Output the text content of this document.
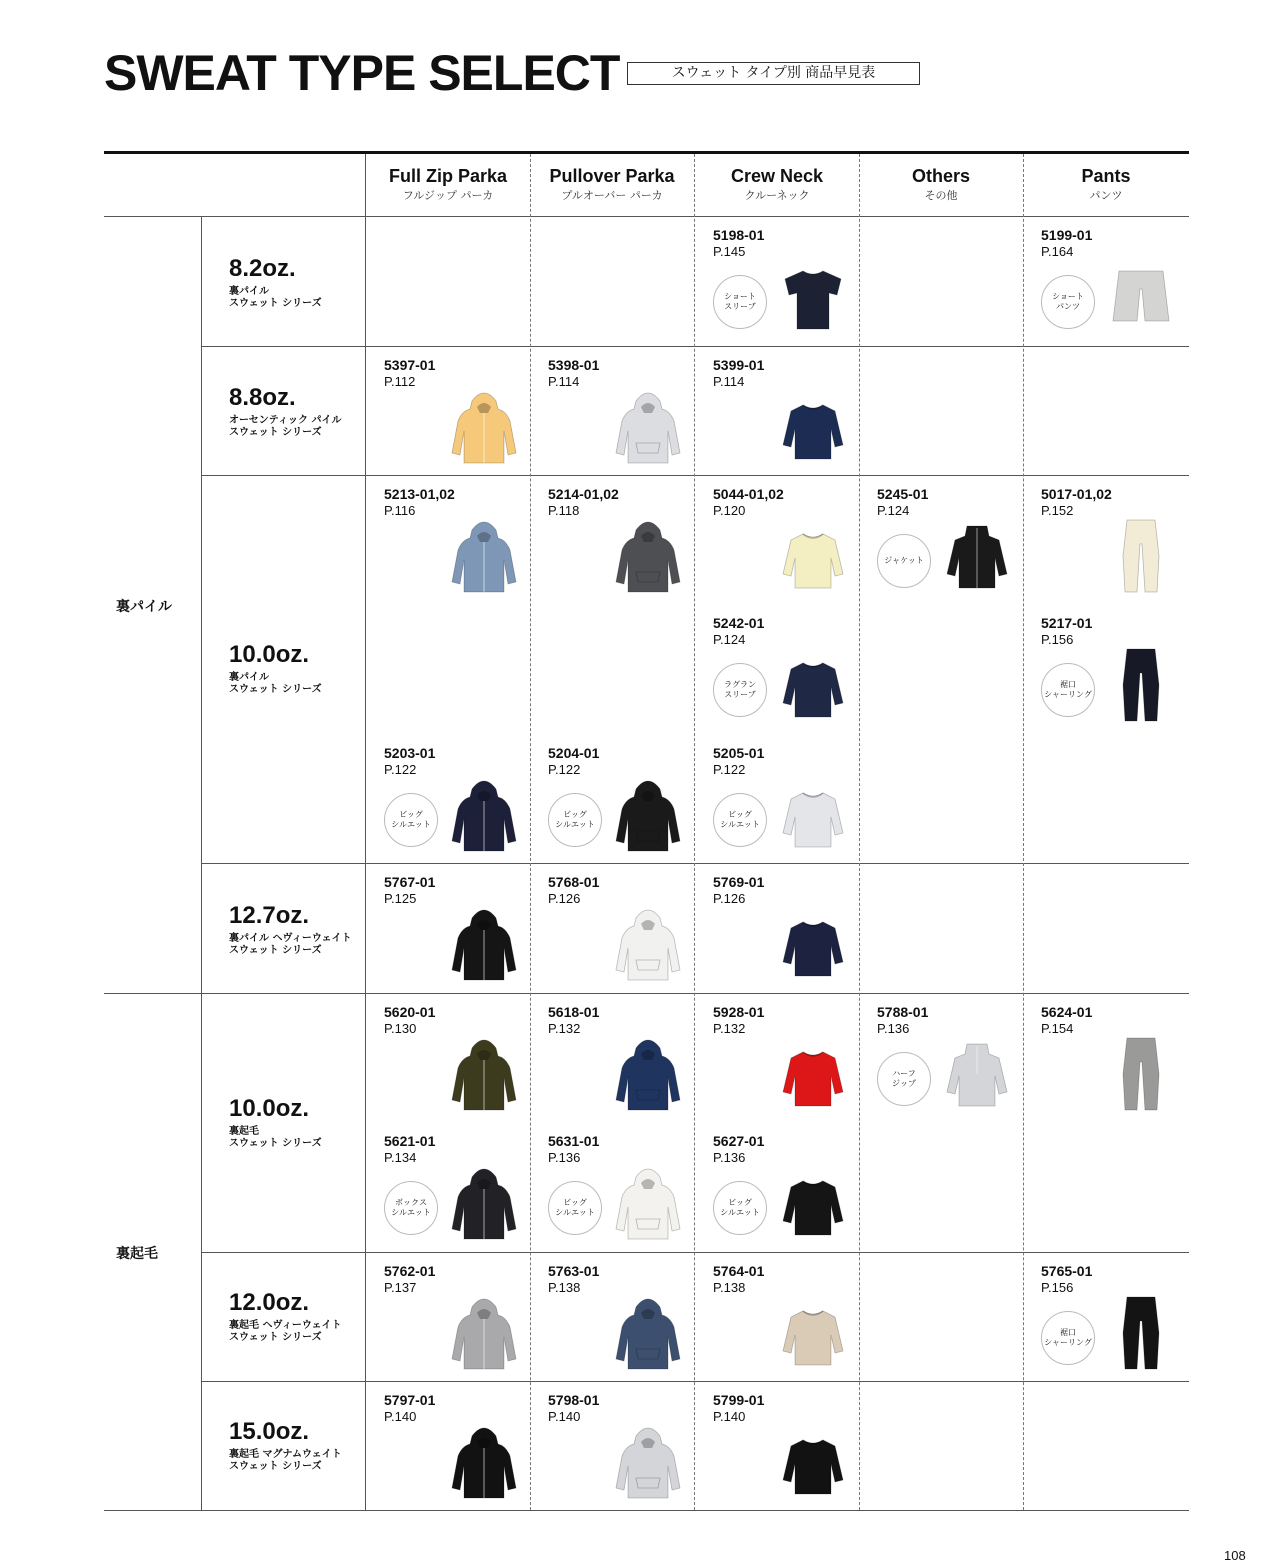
SWEAT TYPE SELECT	スウェット タイプ別 商品早見表
Full Zip Parka
フルジップ パーカ
Pullover Parka
プルオーバー パーカ
Crew Neck
クルーネック
Others
その他
Pants
パンツ
裏パイル
裏起毛
8.2oz.
裏パイル
スウェット シリーズ
8.8oz.
オーセンティック パイル
スウェット シリーズ
10.0oz.
裏パイル
スウェット シリーズ
12.7oz.
裏パイル ヘヴィーウェイト
スウェット シリーズ
10.0oz.
裏起毛
スウェット シリーズ
12.0oz.
裏起毛 ヘヴィーウェイト
スウェット シリーズ
15.0oz.
裏起毛 マグナムウェイト
スウェット シリーズ
5198-01
P.145
ショート
スリーブ
5199-01
P.164
ショート
パンツ
5397-01
P.112
5398-01
P.114
5399-01
P.114
5213-01,02
P.116
5214-01,02
P.118
5044-01,02
P.120
5245-01
P.124
ジャケット
5017-01,02
P.152
5242-01
P.124
ラグラン
スリーブ
5217-01
P.156
裾口
シャーリング
5203-01
P.122
ビッグ
シルエット
5204-01
P.122
ビッグ
シルエット
5205-01
P.122
ビッグ
シルエット
5767-01
P.125
5768-01
P.126
5769-01
P.126
5620-01
P.130
5618-01
P.132
5928-01
P.132
5788-01
P.136
ハーフ
ジップ
5624-01
P.154
5621-01
P.134
ボックス
シルエット
5631-01
P.136
ビッグ
シルエット
5627-01
P.136
ビッグ
シルエット
5762-01
P.137
5763-01
P.138
5764-01
P.138
5765-01
P.156
裾口
シャーリング
5797-01
P.140
5798-01
P.140
5799-01
P.140
108
